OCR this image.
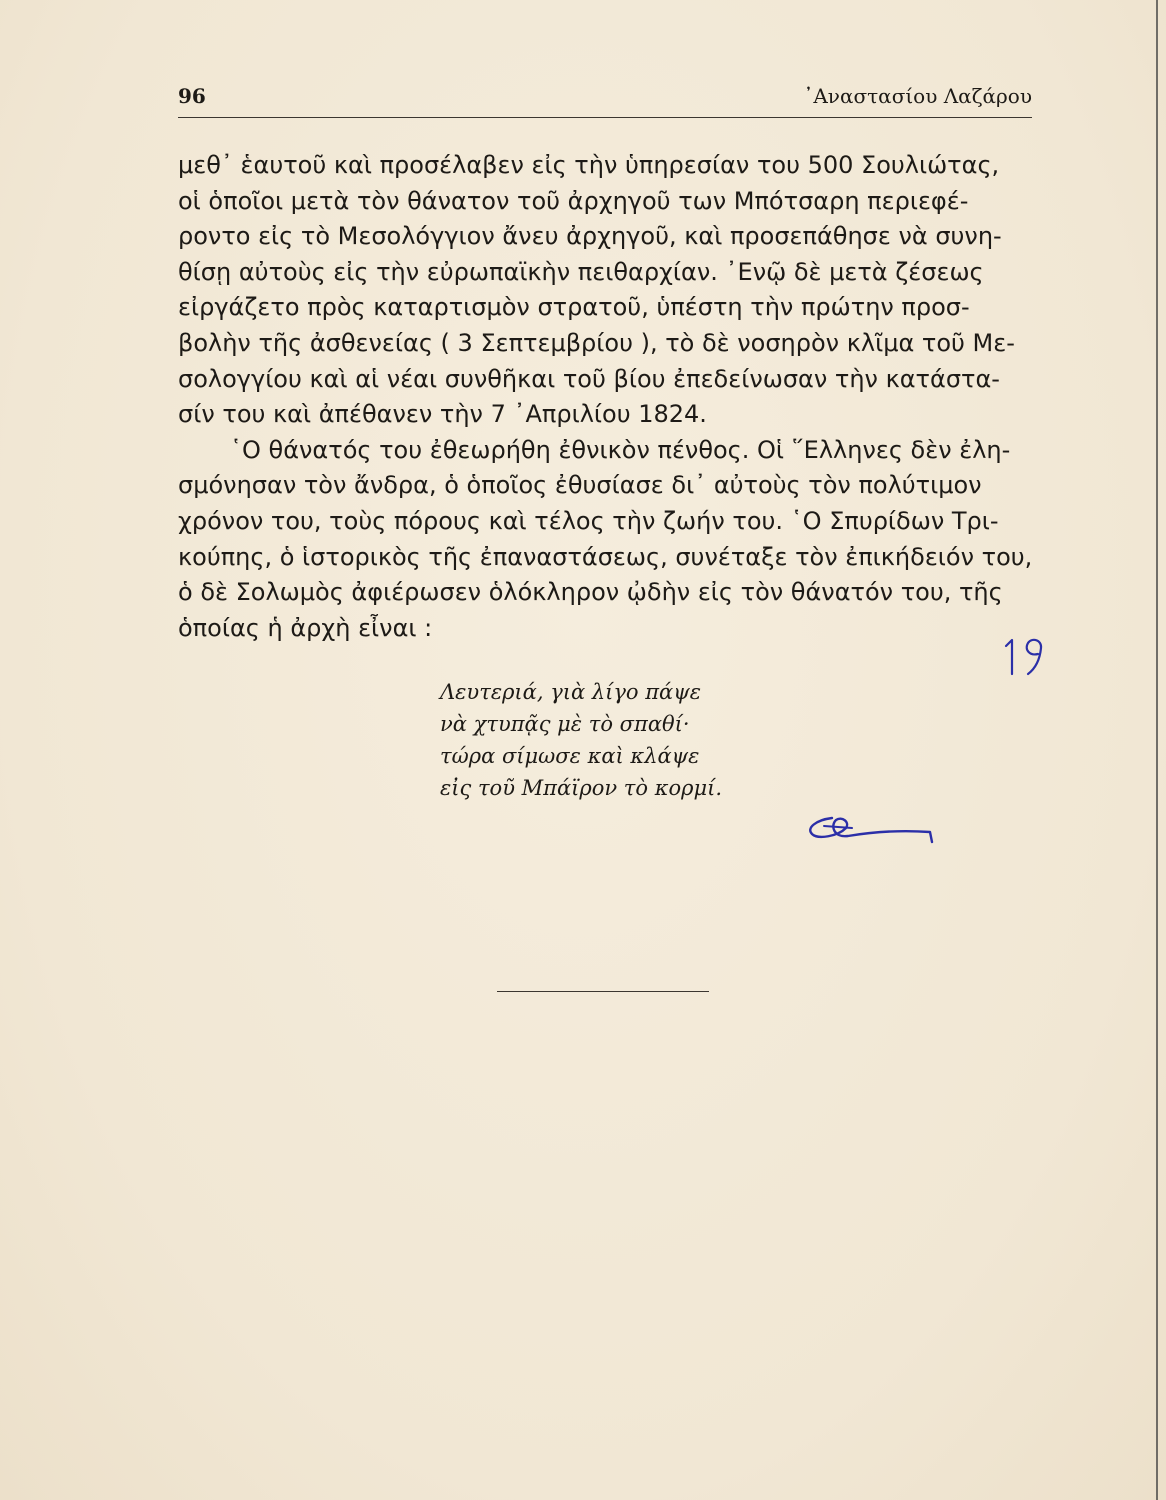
96	᾿Αναστασίου Λαζάρου
μεθ᾿ ἑαυτοῦ καὶ προσέλαβεν εἰς τὴν ὑπηρεσίαν του 500 Σουλιώτας,
οἱ ὁποῖοι μετὰ τὸν θάνατον τοῦ ἀρχηγοῦ των Μπότσαρη περιεφέ-
ροντο εἰς τὸ Μεσολόγγιον ἄνευ ἀρχηγοῦ, καὶ προσεπάθησε νὰ συνη-
θίσῃ αὐτοὺς εἰς τὴν εὐρωπαϊκὴν πειθαρχίαν. ᾿Ενῷ δὲ μετὰ ζέσεως
εἰργάζετο πρὸς καταρτισμὸν στρατοῦ, ὑπέστη τὴν πρώτην προσ-
βολὴν τῆς ἀσθενείας ( 3 Σεπτεμβρίου ), τὸ δὲ νοσηρὸν κλῖμα τοῦ Με-
σολογγίου καὶ αἱ νέαι συνθῆκαι τοῦ βίου ἐπεδείνωσαν τὴν κατάστα-
σίν του καὶ ἀπέθανεν τὴν 7 ᾿Απριλίου 1824.
῾Ο θάνατός του ἐθεωρήθη ἐθνικὸν πένθος. Οἱ ῞Ελληνες δὲν ἐλη-
σμόνησαν τὸν ἄνδρα, ὁ ὁποῖος ἐθυσίασε δι᾿ αὐτοὺς τὸν πολύτιμον
χρόνον του, τοὺς πόρους καὶ τέλος τὴν ζωήν του. ῾Ο Σπυρίδων Τρι-
κούπης, ὁ ἱστορικὸς τῆς ἐπαναστάσεως, συνέταξε τὸν ἐπικήδειόν του,
ὁ δὲ Σολωμὸς ἀφιέρωσεν ὁλόκληρον ᾠδὴν εἰς τὸν θάνατόν του, τῆς
ὁποίας ἡ ἀρχὴ εἶναι :
Λευτεριά, γιὰ λίγο πάψε
νὰ χτυπᾷς μὲ τὸ σπαθί·
τώρα σίμωσε καὶ κλάψε
εἰς τοῦ Μπάϊρον τὸ κορμί.
